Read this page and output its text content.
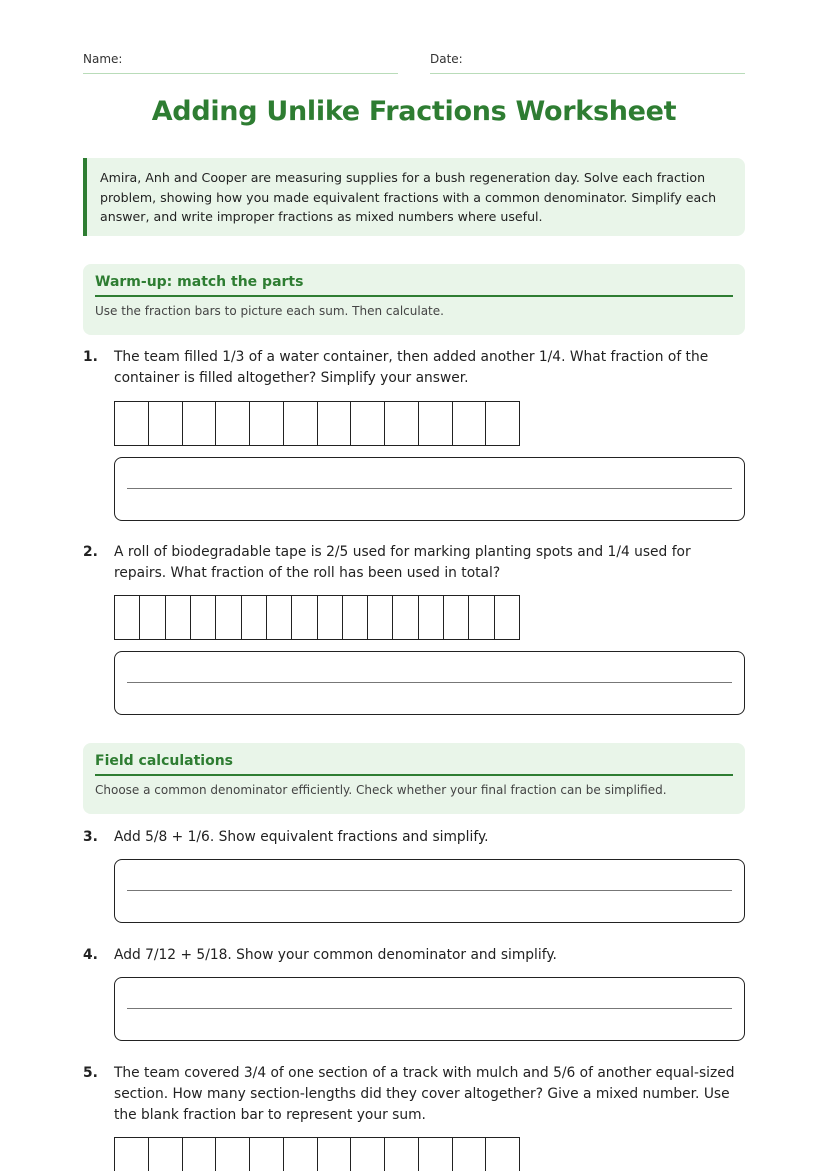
Name:	Date:
Adding Unlike Fractions Worksheet
Amira, Anh and Cooper are measuring supplies for a bush regeneration day. Solve each fraction problem, showing how you made equivalent fractions with a common denominator. Simplify each answer, and write improper fractions as mixed numbers where useful.
Warm-up: match the parts
Use the fraction bars to picture each sum. Then calculate.
1. The team filled 1/3 of a water container, then added another 1/4. What fraction of the container is filled altogether? Simplify your answer.
2. A roll of biodegradable tape is 2/5 used for marking planting spots and 1/4 used for repairs. What fraction of the roll has been used in total?
Field calculations
Choose a common denominator efficiently. Check whether your final fraction can be simplified.
3. Add 5/8 + 1/6. Show equivalent fractions and simplify.
4. Add 7/12 + 5/18. Show your common denominator and simplify.
5. The team covered 3/4 of one section of a track with mulch and 5/6 of another equal-sized section. How many section-lengths did they cover altogether? Give a mixed number. Use the blank fraction bar to represent your sum.
